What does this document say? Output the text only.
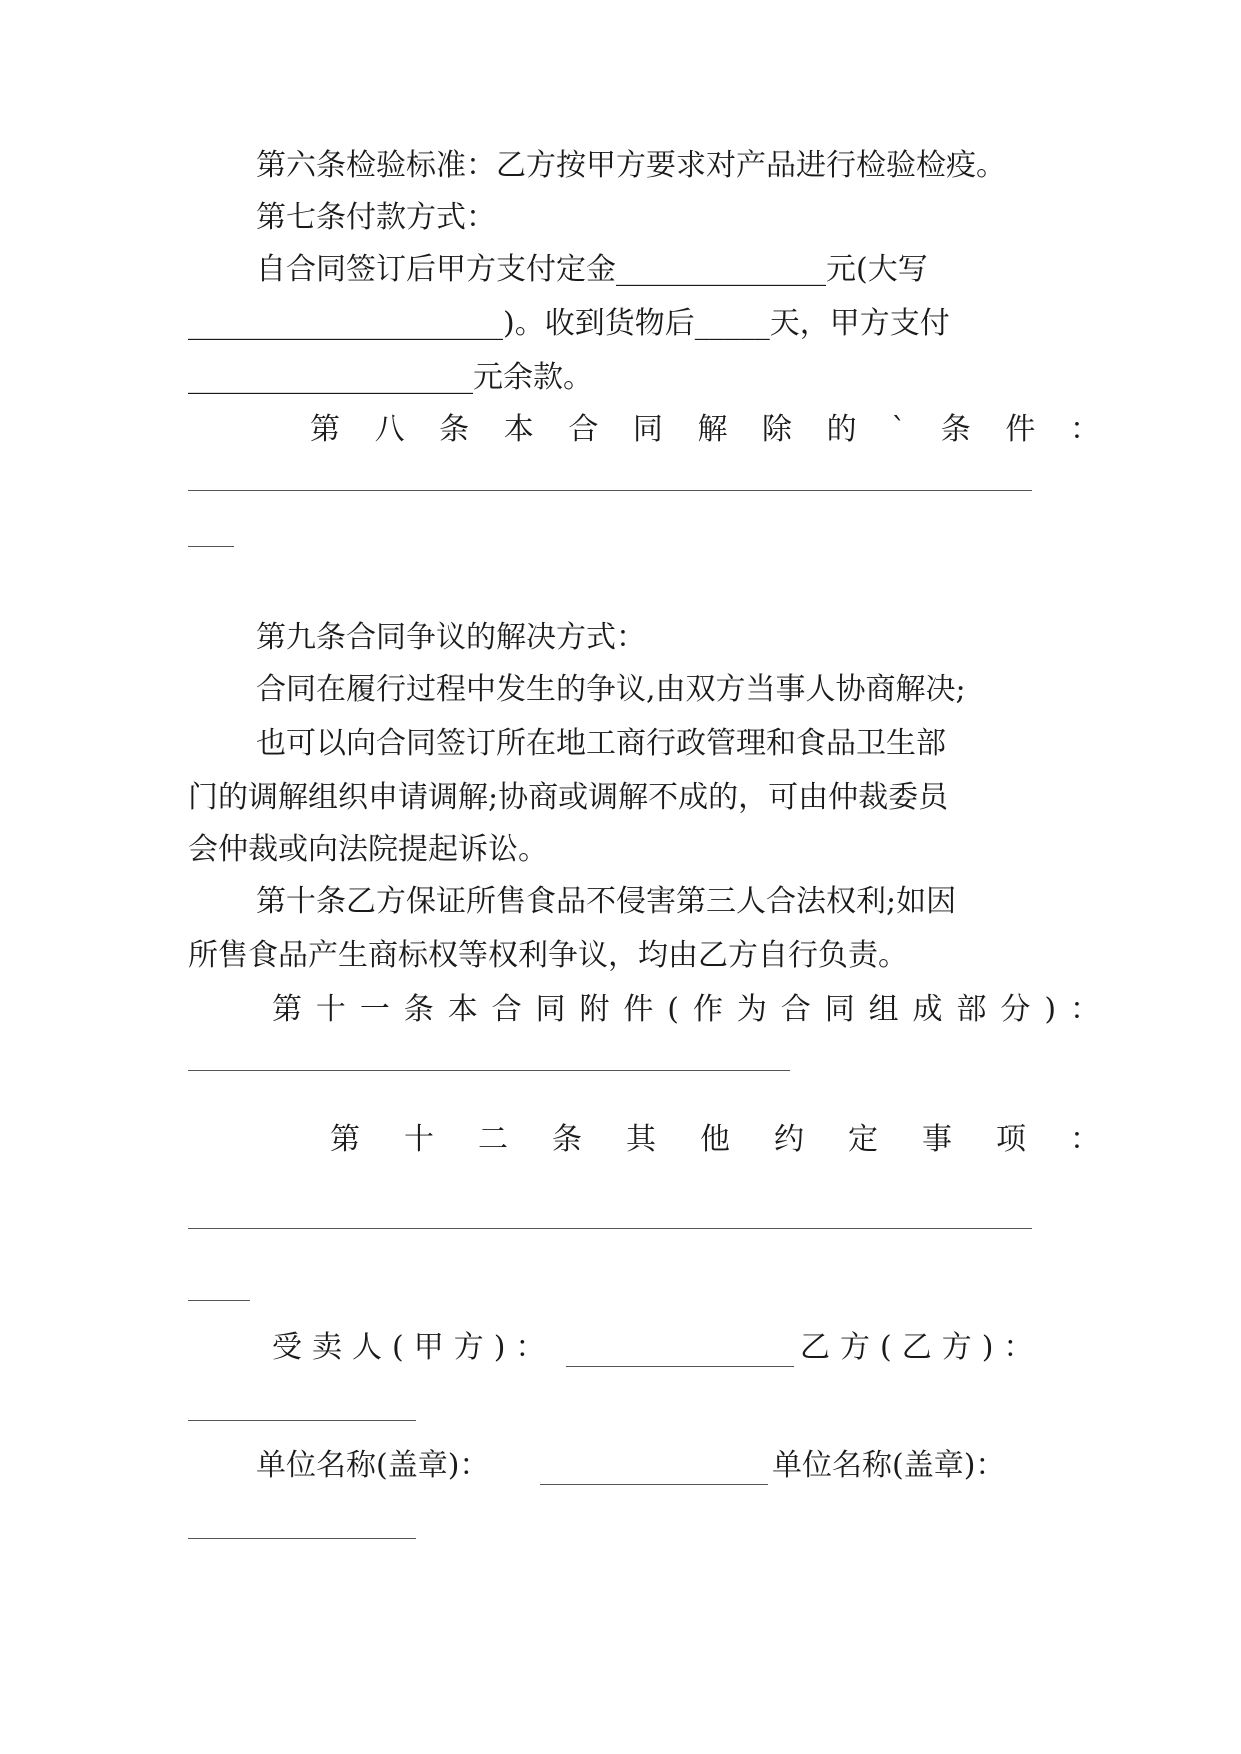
第六条检验标准：乙方按甲方要求对产品进行检验检疫。
第七条付款方式：
自合同签订后甲方支付定金______________元(大写
_____________________)。收到货物后_____天，甲方支付
___________________元余款。
第 八 条 本 合 同 解 除 的 ` 条 件 ：
第九条合同争议的解决方式：
合同在履行过程中发生的争议,由双方当事人协商解决;
也可以向合同签订所在地工商行政管理和食品卫生部
门的调解组织申请调解;协商或调解不成的，可由仲裁委员
会仲裁或向法院提起诉讼。
第十条乙方保证所售食品不侵害第三人合法权利;如因
所售食品产生商标权等权利争议，均由乙方自行负责。
第 十 一 条 本 合 同 附 件 ( 作 为 合 同 组 成 部 分 ) ：
第 十 二 条 其 他 约 定 事 项 ：
受卖人(甲方)：	乙方(乙方)：
单位名称(盖章)：	单位名称(盖章)：
